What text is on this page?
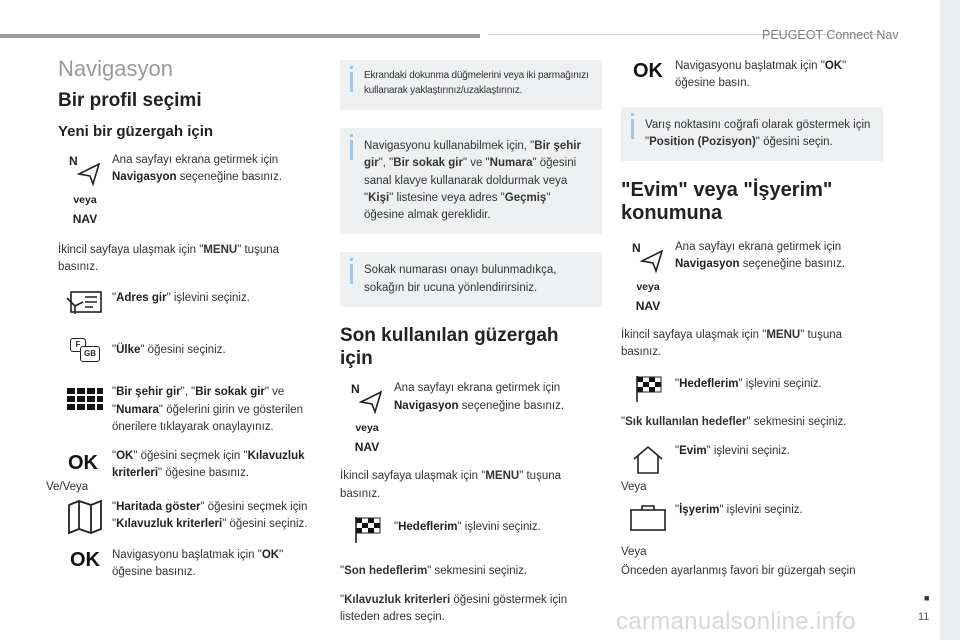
PEUGEOT Connect Nav
■
11
carmanualsonline.info
Navigasyon
Bir profil seçimi
Yeni bir güzergah için
N
veya
NAV
Ana sayfayı ekrana getirmek için Navigasyon seçeneğine basınız.
İkincil sayfaya ulaşmak için "MENU" tuşuna basınız.
"Adres gir" işlevini seçiniz.
F
GB	"Ülke" öğesini seçiniz.
"Bir şehir gir", "Bir sokak gir" ve "Numara" öğelerini girin ve gösterilen önerilere tıklayarak onaylayınız.
OK
Ve/Veya
"OK" öğesini seçmek için "Kılavuzluk kriterleri" öğesine basınız.
"Haritada göster" öğesini seçmek için "Kılavuzluk kriterleri" öğesini seçiniz.
OK	Navigasyonu başlatmak için "OK" öğesine basınız.
Ekrandaki dokunma düğmelerini veya iki parmağınızı kullanarak yaklaştırınız/uzaklaştırınız.
Navigasyonu kullanabilmek için, "Bir şehir gir", "Bir sokak gir" ve "Numara" öğesini sanal klavye kullanarak doldurmak veya "Kişi" listesine veya adres "Geçmiş" öğesine almak gereklidir.
Sokak numarası onayı bulunmadıkça, sokağın bir ucuna yönlendirirsiniz.
Son kullanılan güzergah için
N
veya
NAV
Ana sayfayı ekrana getirmek için Navigasyon seçeneğine basınız.
İkincil sayfaya ulaşmak için "MENU" tuşuna basınız.
"Hedeflerim" işlevini seçiniz.
"Son hedeflerim" sekmesini seçiniz.
"Kılavuzluk kriterleri öğesini göstermek için listeden adres seçin.
OK	Navigasyonu başlatmak için "OK" öğesine basın.
Varış noktasını coğrafi olarak göstermek için "Position (Pozisyon)" öğesini seçin.
"Evim" veya "İşyerim" konumuna
N
veya
NAV
Ana sayfayı ekrana getirmek için Navigasyon seçeneğine basınız.
İkincil sayfaya ulaşmak için "MENU" tuşuna basınız.
"Hedeflerim" işlevini seçiniz.
"Sık kullanılan hedefler" sekmesini seçiniz.
"Evim" işlevini seçiniz.
Veya
"İşyerim" işlevini seçiniz.
Veya
Önceden ayarlanmış favori bir güzergah seçin
